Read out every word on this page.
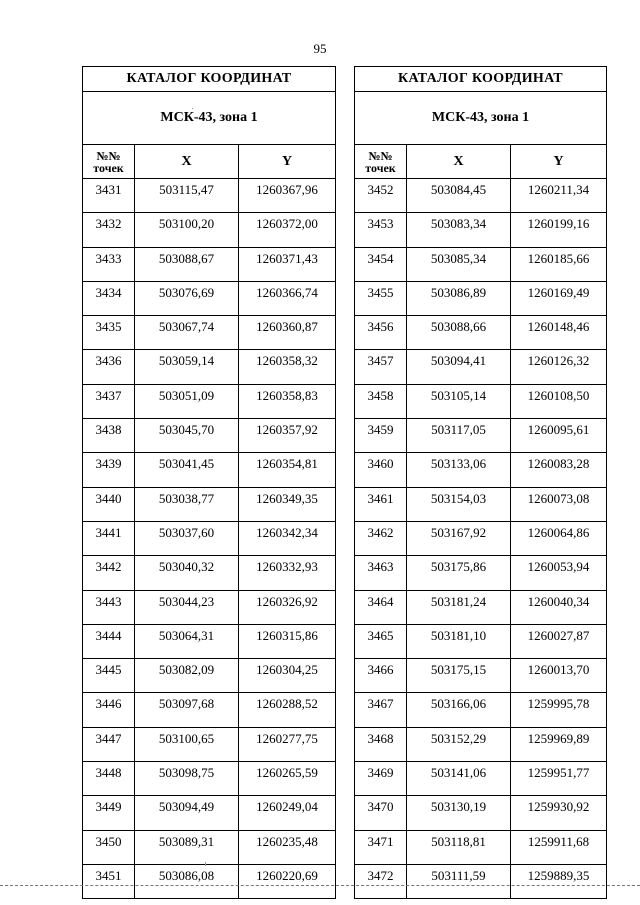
95
КАТАЛОГ КООРДИНАТ		
МСК-43, зона 1		
№№
точек	X	Y
3431	503115,47	1260367,96
3432	503100,20	1260372,00
3433	503088,67	1260371,43
3434	503076,69	1260366,74
3435	503067,74	1260360,87
3436	503059,14	1260358,32
3437	503051,09	1260358,83
3438	503045,70	1260357,92
3439	503041,45	1260354,81
3440	503038,77	1260349,35
3441	503037,60	1260342,34
3442	503040,32	1260332,93
3443	503044,23	1260326,92
3444	503064,31	1260315,86
3445	503082,09	1260304,25
3446	503097,68	1260288,52
3447	503100,65	1260277,75
3448	503098,75	1260265,59
3449	503094,49	1260249,04
3450	503089,31	1260235,48
3451	503086,08	1260220,69
КАТАЛОГ КООРДИНАТ		
МСК-43, зона 1		
№№
точек	X	Y
3452	503084,45	1260211,34
3453	503083,34	1260199,16
3454	503085,34	1260185,66
3455	503086,89	1260169,49
3456	503088,66	1260148,46
3457	503094,41	1260126,32
3458	503105,14	1260108,50
3459	503117,05	1260095,61
3460	503133,06	1260083,28
3461	503154,03	1260073,08
3462	503167,92	1260064,86
3463	503175,86	1260053,94
3464	503181,24	1260040,34
3465	503181,10	1260027,87
3466	503175,15	1260013,70
3467	503166,06	1259995,78
3468	503152,29	1259969,89
3469	503141,06	1259951,77
3470	503130,19	1259930,92
3471	503118,81	1259911,68
3472	503111,59	1259889,35
